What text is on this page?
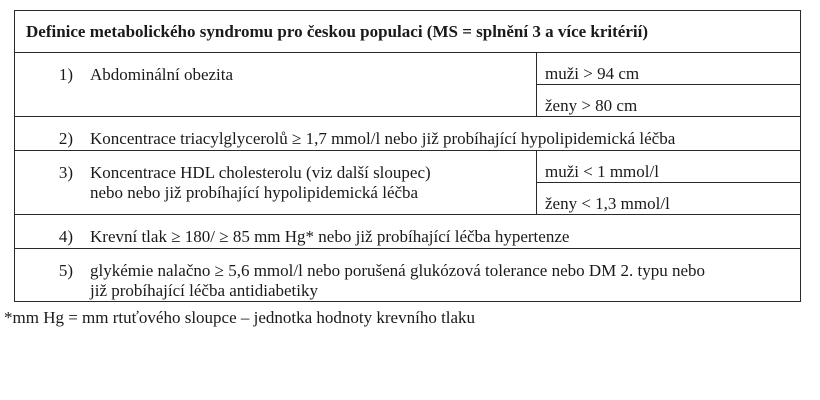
Definice metabolického syndromu pro českou populaci (MS = splnění 3 a více kritérií)	

1) Abdominální obezita	muži > 94 cm
	ženy > 80 cm

2) Koncentrace triacylglycerolů ≥ 1,7 mmol/l nebo již probíhající hypolipidemická léčba	

3) Koncentrace HDL cholesterolu (viz další sloupec)
nebo nebo již probíhající hypolipidemická léčba	muži < 1 mmol/l
	ženy < 1,3 mmol/l

4) Krevní tlak ≥ 180/ ≥ 85 mm Hg* nebo již probíhající léčba hypertenze	

5) glykémie nalačno ≥ 5,6 mmol/l nebo porušená glukózová tolerance nebo DM 2. typu nebo
již probíhající léčba antidiabetiky	
*mm Hg = mm rtuťového sloupce – jednotka hodnoty krevního tlaku
